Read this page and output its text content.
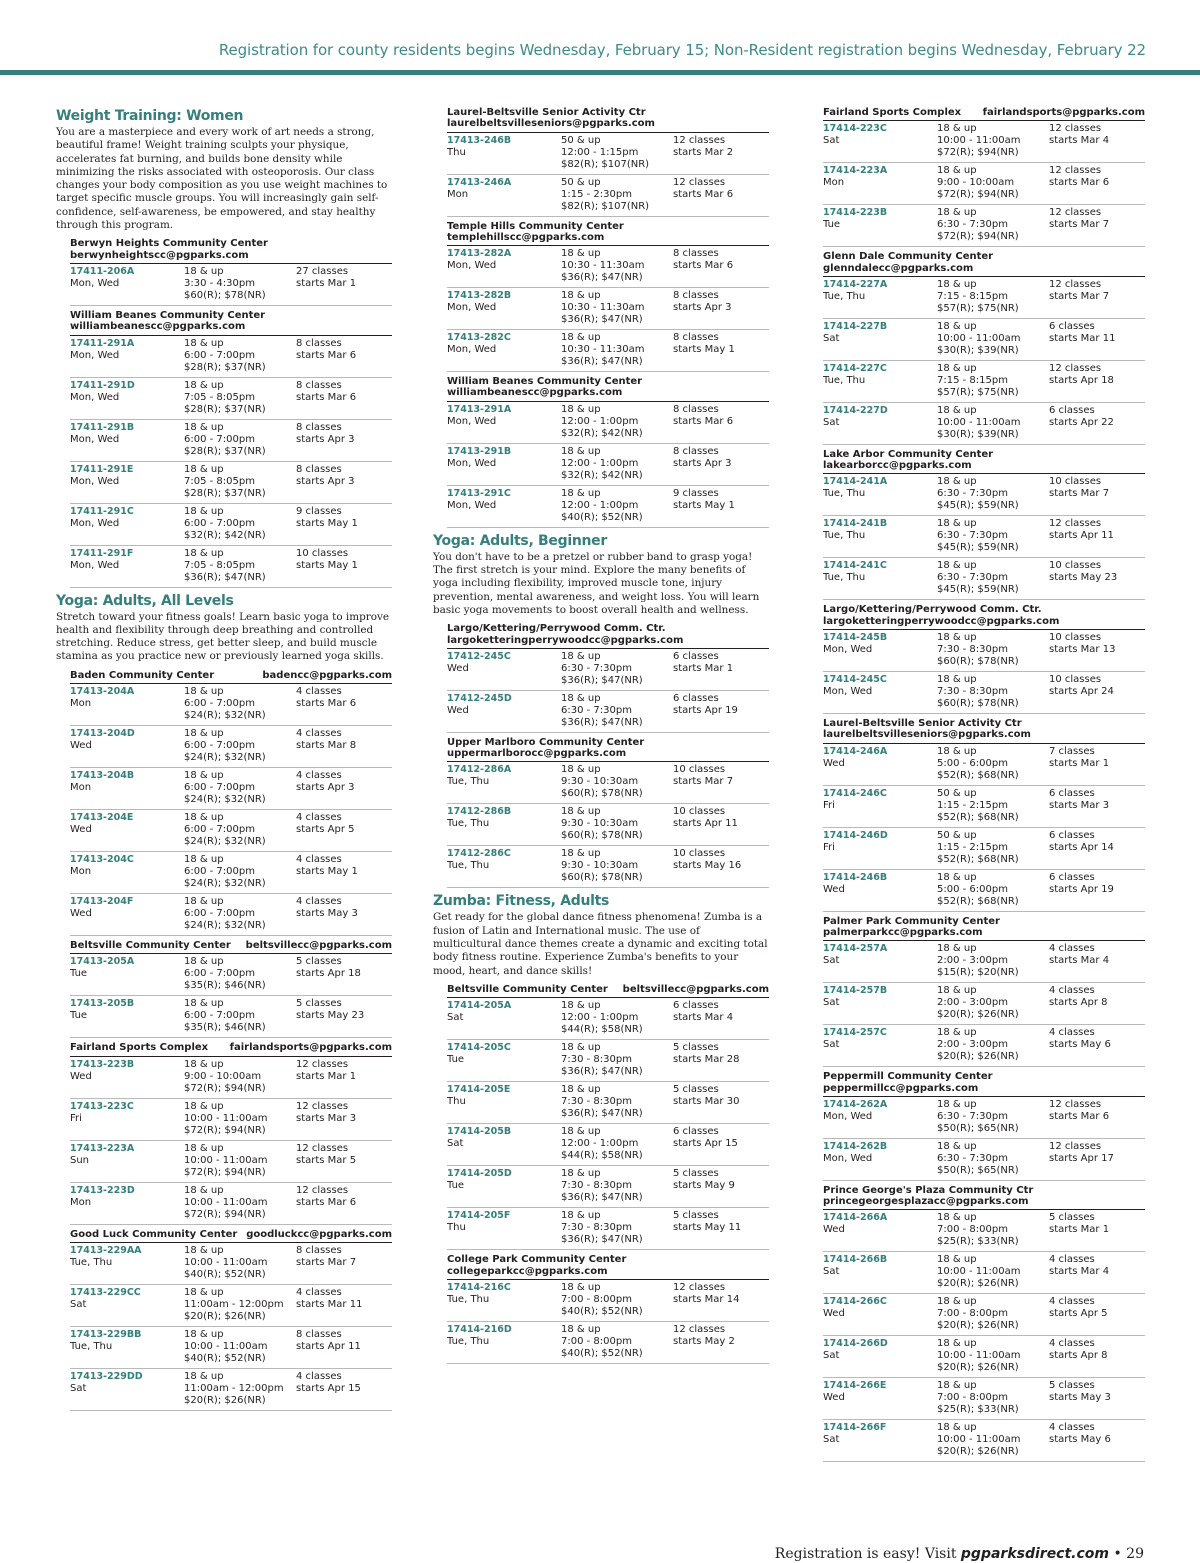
Registration for county residents begins Wednesday, February 15; Non-Resident registration begins Wednesday, February 22
Weight Training: Women
You are a masterpiece and every work of art needs a strong, beautiful frame! Weight training sculpts your physique, accelerates fat burning, and builds bone density while minimizing the risks associated with osteoporosis. Our class changes your body composition as you use weight machines to target specific muscle groups. You will increasingly gain self-confidence, self-awareness, be empowered, and stay healthy through this program.
Berwyn Heights Community Center
berwynheightscc@pgparks.com
17411-206A
Mon, Wed
18 & up
3:30 - 4:30pm
$60(R); $78(NR)
27 classes
starts Mar 1
William Beanes Community Center
williambeanescc@pgparks.com
17411-291A
Mon, Wed
18 & up
6:00 - 7:00pm
$28(R); $37(NR)
8 classes
starts Mar 6
17411-291D
Mon, Wed
18 & up
7:05 - 8:05pm
$28(R); $37(NR)
8 classes
starts Mar 6
17411-291B
Mon, Wed
18 & up
6:00 - 7:00pm
$28(R); $37(NR)
8 classes
starts Apr 3
17411-291E
Mon, Wed
18 & up
7:05 - 8:05pm
$28(R); $37(NR)
8 classes
starts Apr 3
17411-291C
Mon, Wed
18 & up
6:00 - 7:00pm
$32(R); $42(NR)
9 classes
starts May 1
17411-291F
Mon, Wed
18 & up
7:05 - 8:05pm
$36(R); $47(NR)
10 classes
starts May 1
Yoga: Adults, All Levels
Stretch toward your fitness goals! Learn basic yoga to improve health and flexibility through deep breathing and controlled stretching. Reduce stress, get better sleep, and build muscle stamina as you practice new or previously learned yoga skills.
Baden Community Center	badencc@pgparks.com
17413-204A
Mon
18 & up
6:00 - 7:00pm
$24(R); $32(NR)
4 classes
starts Mar 6
17413-204D
Wed
18 & up
6:00 - 7:00pm
$24(R); $32(NR)
4 classes
starts Mar 8
17413-204B
Mon
18 & up
6:00 - 7:00pm
$24(R); $32(NR)
4 classes
starts Apr 3
17413-204E
Wed
18 & up
6:00 - 7:00pm
$24(R); $32(NR)
4 classes
starts Apr 5
17413-204C
Mon
18 & up
6:00 - 7:00pm
$24(R); $32(NR)
4 classes
starts May 1
17413-204F
Wed
18 & up
6:00 - 7:00pm
$24(R); $32(NR)
4 classes
starts May 3
Beltsville Community Center beltsvillecc@pgparks.com
17413-205A
Tue
18 & up
6:00 - 7:00pm
$35(R); $46(NR)
5 classes
starts Apr 18
17413-205B
Tue
18 & up
6:00 - 7:00pm
$35(R); $46(NR)
5 classes
starts May 23
Fairland Sports Complex fairlandsports@pgparks.com
17413-223B
Wed
18 & up
9:00 - 10:00am
$72(R); $94(NR)
12 classes
starts Mar 1
17413-223C
Fri
18 & up
10:00 - 11:00am
$72(R); $94(NR)
12 classes
starts Mar 3
17413-223A
Sun
18 & up
10:00 - 11:00am
$72(R); $94(NR)
12 classes
starts Mar 5
17413-223D
Mon
18 & up
10:00 - 11:00am
$72(R); $94(NR)
12 classes
starts Mar 6
Good Luck Community Center goodluckcc@pgparks.com
17413-229AA
Tue, Thu
18 & up
10:00 - 11:00am
$40(R); $52(NR)
8 classes
starts Mar 7
17413-229CC
Sat
18 & up
11:00am - 12:00pm
$20(R); $26(NR)
4 classes
starts Mar 11
17413-229BB
Tue, Thu
18 & up
10:00 - 11:00am
$40(R); $52(NR)
8 classes
starts Apr 11
17413-229DD
Sat
18 & up
11:00am - 12:00pm
$20(R); $26(NR)
4 classes
starts Apr 15
Laurel-Beltsville Senior Activity Ctr
laurelbeltsvilleseniors@pgparks.com
17413-246B
Thu
50 & up
12:00 - 1:15pm
$82(R); $107(NR)
12 classes
starts Mar 2
17413-246A
Mon
50 & up
1:15 - 2:30pm
$82(R); $107(NR)
12 classes
starts Mar 6
Temple Hills Community Center
templehillscc@pgparks.com
17413-282A
Mon, Wed
18 & up
10:30 - 11:30am
$36(R); $47(NR)
8 classes
starts Mar 6
17413-282B
Mon, Wed
18 & up
10:30 - 11:30am
$36(R); $47(NR)
8 classes
starts Apr 3
17413-282C
Mon, Wed
18 & up
10:30 - 11:30am
$36(R); $47(NR)
8 classes
starts May 1
William Beanes Community Center
williambeanescc@pgparks.com
17413-291A
Mon, Wed
18 & up
12:00 - 1:00pm
$32(R); $42(NR)
8 classes
starts Mar 6
17413-291B
Mon, Wed
18 & up
12:00 - 1:00pm
$32(R); $42(NR)
8 classes
starts Apr 3
17413-291C
Mon, Wed
18 & up
12:00 - 1:00pm
$40(R); $52(NR)
9 classes
starts May 1
Yoga: Adults, Beginner
You don't have to be a pretzel or rubber band to grasp yoga! The first stretch is your mind. Explore the many benefits of yoga including flexibility, improved muscle tone, injury prevention, mental awareness, and weight loss. You will learn basic yoga movements to boost overall health and wellness.
Largo/Kettering/Perrywood Comm. Ctr.
largoketteringperrywoodcc@pgparks.com
17412-245C
Wed
18 & up
6:30 - 7:30pm
$36(R); $47(NR)
6 classes
starts Mar 1
17412-245D
Wed
18 & up
6:30 - 7:30pm
$36(R); $47(NR)
6 classes
starts Apr 19
Upper Marlboro Community Center
uppermarlborocc@pgparks.com
17412-286A
Tue, Thu
18 & up
9:30 - 10:30am
$60(R); $78(NR)
10 classes
starts Mar 7
17412-286B
Tue, Thu
18 & up
9:30 - 10:30am
$60(R); $78(NR)
10 classes
starts Apr 11
17412-286C
Tue, Thu
18 & up
9:30 - 10:30am
$60(R); $78(NR)
10 classes
starts May 16
Zumba: Fitness, Adults
Get ready for the global dance fitness phenomena! Zumba is a fusion of Latin and International music. The use of multicultural dance themes create a dynamic and exciting total body fitness routine. Experience Zumba's benefits to your mood, heart, and dance skills!
Beltsville Community Center beltsvillecc@pgparks.com
17414-205A
Sat
18 & up
12:00 - 1:00pm
$44(R); $58(NR)
6 classes
starts Mar 4
17414-205C
Tue
18 & up
7:30 - 8:30pm
$36(R); $47(NR)
5 classes
starts Mar 28
17414-205E
Thu
18 & up
7:30 - 8:30pm
$36(R); $47(NR)
5 classes
starts Mar 30
17414-205B
Sat
18 & up
12:00 - 1:00pm
$44(R); $58(NR)
6 classes
starts Apr 15
17414-205D
Tue
18 & up
7:30 - 8:30pm
$36(R); $47(NR)
5 classes
starts May 9
17414-205F
Thu
18 & up
7:30 - 8:30pm
$36(R); $47(NR)
5 classes
starts May 11
College Park Community Center
collegeparkcc@pgparks.com
17414-216C
Tue, Thu
18 & up
7:00 - 8:00pm
$40(R); $52(NR)
12 classes
starts Mar 14
17414-216D
Tue, Thu
18 & up
7:00 - 8:00pm
$40(R); $52(NR)
12 classes
starts May 2
Fairland Sports Complex fairlandsports@pgparks.com
17414-223C
Sat
18 & up
10:00 - 11:00am
$72(R); $94(NR)
12 classes
starts Mar 4
17414-223A
Mon
18 & up
9:00 - 10:00am
$72(R); $94(NR)
12 classes
starts Mar 6
17414-223B
Tue
18 & up
6:30 - 7:30pm
$72(R); $94(NR)
12 classes
starts Mar 7
Glenn Dale Community Center
glenndalecc@pgparks.com
17414-227A
Tue, Thu
18 & up
7:15 - 8:15pm
$57(R); $75(NR)
12 classes
starts Mar 7
17414-227B
Sat
18 & up
10:00 - 11:00am
$30(R); $39(NR)
6 classes
starts Mar 11
17414-227C
Tue, Thu
18 & up
7:15 - 8:15pm
$57(R); $75(NR)
12 classes
starts Apr 18
17414-227D
Sat
18 & up
10:00 - 11:00am
$30(R); $39(NR)
6 classes
starts Apr 22
Lake Arbor Community Center
lakearborcc@pgparks.com
17414-241A
Tue, Thu
18 & up
6:30 - 7:30pm
$45(R); $59(NR)
10 classes
starts Mar 7
17414-241B
Tue, Thu
18 & up
6:30 - 7:30pm
$45(R); $59(NR)
12 classes
starts Apr 11
17414-241C
Tue, Thu
18 & up
6:30 - 7:30pm
$45(R); $59(NR)
10 classes
starts May 23
Largo/Kettering/Perrywood Comm. Ctr.
largoketteringperrywoodcc@pgparks.com
17414-245B
Mon, Wed
18 & up
7:30 - 8:30pm
$60(R); $78(NR)
10 classes
starts Mar 13
17414-245C
Mon, Wed
18 & up
7:30 - 8:30pm
$60(R); $78(NR)
10 classes
starts Apr 24
Laurel-Beltsville Senior Activity Ctr
laurelbeltsvilleseniors@pgparks.com
17414-246A
Wed
18 & up
5:00 - 6:00pm
$52(R); $68(NR)
7 classes
starts Mar 1
17414-246C
Fri
50 & up
1:15 - 2:15pm
$52(R); $68(NR)
6 classes
starts Mar 3
17414-246D
Fri
50 & up
1:15 - 2:15pm
$52(R); $68(NR)
6 classes
starts Apr 14
17414-246B
Wed
18 & up
5:00 - 6:00pm
$52(R); $68(NR)
6 classes
starts Apr 19
Palmer Park Community Center
palmerparkcc@pgparks.com
17414-257A
Sat
18 & up
2:00 - 3:00pm
$15(R); $20(NR)
4 classes
starts Mar 4
17414-257B
Sat
18 & up
2:00 - 3:00pm
$20(R); $26(NR)
4 classes
starts Apr 8
17414-257C
Sat
18 & up
2:00 - 3:00pm
$20(R); $26(NR)
4 classes
starts May 6
Peppermill Community Center
peppermillcc@pgparks.com
17414-262A
Mon, Wed
18 & up
6:30 - 7:30pm
$50(R); $65(NR)
12 classes
starts Mar 6
17414-262B
Mon, Wed
18 & up
6:30 - 7:30pm
$50(R); $65(NR)
12 classes
starts Apr 17
Prince George's Plaza Community Ctr
princegeorgesplazacc@pgparks.com
17414-266A
Wed
18 & up
7:00 - 8:00pm
$25(R); $33(NR)
5 classes
starts Mar 1
17414-266B
Sat
18 & up
10:00 - 11:00am
$20(R); $26(NR)
4 classes
starts Mar 4
17414-266C
Wed
18 & up
7:00 - 8:00pm
$20(R); $26(NR)
4 classes
starts Apr 5
17414-266D
Sat
18 & up
10:00 - 11:00am
$20(R); $26(NR)
4 classes
starts Apr 8
17414-266E
Wed
18 & up
7:00 - 8:00pm
$25(R); $33(NR)
5 classes
starts May 3
17414-266F
Sat
18 & up
10:00 - 11:00am
$20(R); $26(NR)
4 classes
starts May 6
Registration is easy! Visit pgparksdirect.com • 29
